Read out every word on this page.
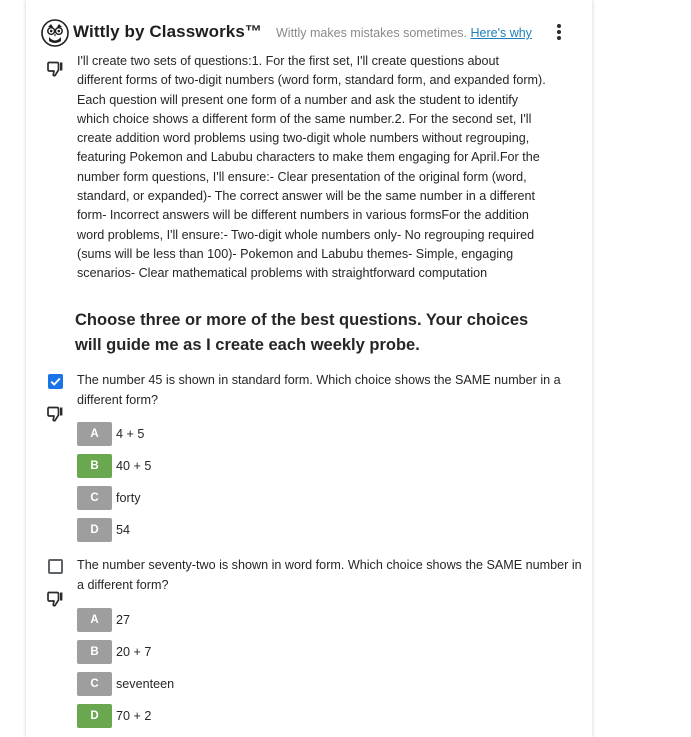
Wittly by Classworks™ Wittly makes mistakes sometimes. Here's why
I'll create two sets of questions:1. For the first set, I'll create questions about different forms of two-digit numbers (word form, standard form, and expanded form). Each question will present one form of a number and ask the student to identify which choice shows a different form of the same number.2. For the second set, I'll create addition word problems using two-digit whole numbers without regrouping, featuring Pokemon and Labubu characters to make them engaging for April.For the number form questions, I'll ensure:- Clear presentation of the original form (word, standard, or expanded)- The correct answer will be the same number in a different form- Incorrect answers will be different numbers in various formsFor the addition word problems, I'll ensure:- Two-digit whole numbers only- No regrouping required (sums will be less than 100)- Pokemon and Labubu themes- Simple, engaging scenarios- Clear mathematical problems with straightforward computation
Choose three or more of the best questions. Your choices will guide me as I create each weekly probe.
The number 45 is shown in standard form. Which choice shows the SAME number in a different form?
A	4 + 5
B	40 + 5
C	forty
D	54
The number seventy-two is shown in word form. Which choice shows the SAME number in a different form?
A	27
B	20 + 7
C	seventeen
D	70 + 2
